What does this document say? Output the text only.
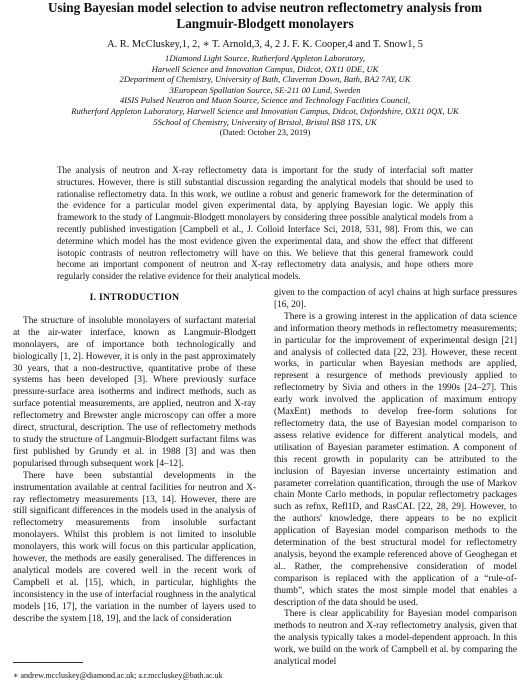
Using Bayesian model selection to advise neutron reflectometry analysis from Langmuir-Blodgett monolayers
A. R. McCluskey,1, 2, ∗ T. Arnold,3, 4, 2 J. F. K. Cooper,4 and T. Snow1, 5
1Diamond Light Source, Rutherford Appleton Laboratory,
Harwell Science and Innovation Campus, Didcot, OX11 0DE, UK
2Department of Chemistry, University of Bath, Claverton Down, Bath, BA2 7AY, UK
3European Spallation Source, SE-211 00 Lund, Sweden
4ISIS Pulsed Neutron and Muon Source, Science and Technology Facilities Council,
Rutherford Appleton Laboratory, Harwell Science and Innovation Campus, Didcot, Oxfordshire, OX11 0QX, UK
5School of Chemistry, University of Bristol, Bristol BS8 1TS, UK
(Dated: October 23, 2019)
The analysis of neutron and X-ray reflectometry data is important for the study of interfacial soft matter structures. However, there is still substantial discussion regarding the analytical models that should be used to rationalise reflectometry data. In this work, we outline a robust and generic framework for the determination of the evidence for a particular model given experimental data, by applying Bayesian logic. We apply this framework to the study of Langmuir-Blodgett monolayers by considering three possible analytical models from a recently published investigation [Campbell et al., J. Colloid Interface Sci, 2018, 531, 98]. From this, we can determine which model has the most evidence given the experimental data, and show the effect that different isotopic contrasts of neutron reflectometry will have on this. We believe that this general framework could become an important component of neutron and X-ray reflectometry data analysis, and hope others more regularly consider the relative evidence for their analytical models.
I. INTRODUCTION

The structure of insoluble monolayers of surfactant material at the air-water interface, known as Langmuir-Blodgett monolayers, are of importance both technologically and biologically [1, 2]. However, it is only in the past approximately 30 years, that a non-destructive, quantitative probe of these systems has been developed [3]. Where previously surface pressure-surface area isotherms and indirect methods, such as surface potential measurements, are applied, neutron and X-ray reflectometry and Brewster angle microscopy can offer a more direct, structural, description. The use of reflectometry methods to study the structure of Langmuir-Blodgett surfactant films was first published by Grundy et al. in 1988 [3] and was then popularised through subsequent work [4–12].

There have been substantial developments in the instrumentation available at central facilities for neutron and X-ray reflectometry measurements [13, 14]. However, there are still significant differences in the models used in the analysis of reflectometry measurements from insoluble surfactant monolayers. Whilst this problem is not limited to insoluble monolayers, this work will focus on this particular application, however, the methods are easily generalised. The differences in analytical models are covered well in the recent work of Campbell et al. [15], which, in particular, highlights the inconsistency in the use of interfacial roughness in the analytical models [16, 17], the variation in the number of layers used to describe the system [18, 19], and the lack of consideration

given to the compaction of acyl chains at high surface pressures [16, 20].

There is a growing interest in the application of data science and information theory methods in reflectometry measurements; in particular for the improvement of experimental design [21] and analysis of collected data [22, 23]. However, these recent works, in particular when Bayesian methods are applied, represent a resurgence of methods previously applied to reflectometry by Sivia and others in the 1990s [24–27]. This early work involved the application of maximum entropy (MaxEnt) methods to develop free-form solutions for reflectometry data, the use of Bayesian model comparison to assess relative evidence for different analytical models, and utilisation of Bayesian parameter estimation. A component of this recent growth in popularity can be attributed to the inclusion of Bayesian inverse uncertainty estimation and parameter correlation quantification, through the use of Markov chain Monte Carlo methods, in popular reflectometry packages such as refnx, Refl1D, and RasCAL [22, 28, 29]. However, to the authors' knowledge, there appears to be no explicit application of Bayesian model comparison methods to the determination of the best structural model for reflectometry analysis, beyond the example referenced above of Geoghegan et al.. Rather, the comprehensive consideration of model comparison is replaced with the application of a “rule-of-thumb”, which states the most simple model that enables a description of the data should be used.

There is clear applicability for Bayesian model comparison methods to neutron and X-ray reflectometry analysis, given that the analysis typically takes a model-dependent approach. In this work, we build on the work of Campbell et al. by comparing the analytical model

∗ andrew.mccluskey@diamond.ac.uk; a.r.mccluskey@bath.ac.uk
